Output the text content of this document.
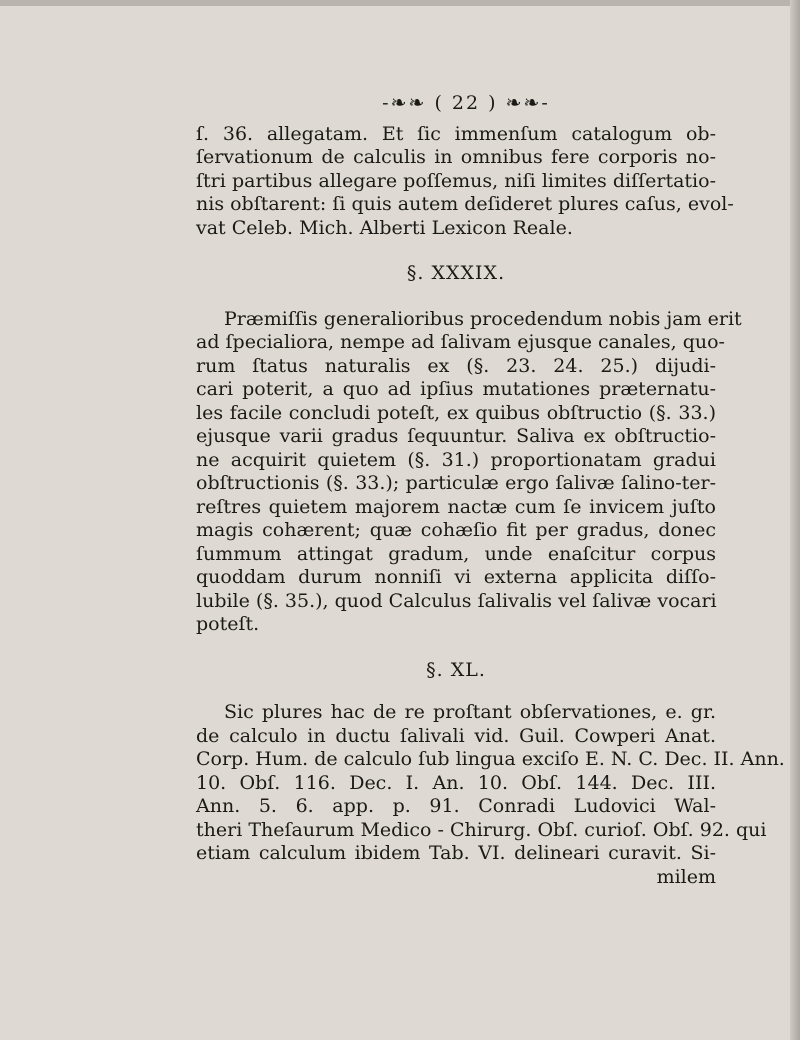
-❧❧ ( 22 ) ❧❧-
ſ. 36. allegatam. Et ſic immenſum catalogum ob-
ſervationum de calculis in omnibus fere corporis no-
ſtri partibus allegare poſſemus, niſi limites diſſertatio-
nis obſtarent: ſi quis autem deſideret plures caſus, evol-
vat Celeb. Mich. Alberti Lexicon Reale.
§. XXXIX.
Præmiſſis generalioribus procedendum nobis jam erit
ad ſpecialiora, nempe ad ſalivam ejusque canales, quo-
rum ſtatus naturalis ex (§. 23. 24. 25.) dijudi-
cari poterit, a quo ad ipſius mutationes præternatu-
les facile concludi poteſt, ex quibus obſtructio (§. 33.)
ejusque varii gradus ſequuntur. Saliva ex obſtructio-
ne acquirit quietem (§. 31.) proportionatam gradui
obſtructionis (§. 33.); particulæ ergo ſalivæ ſalino-ter-
reſtres quietem majorem nactæ cum ſe invicem juſto
magis cohærent; quæ cohæſio fit per gradus, donec
ſummum attingat gradum, unde enaſcitur corpus
quoddam durum nonniſi vi externa applicita diſſo-
lubile (§. 35.), quod Calculus ſalivalis vel ſalivæ vocari
poteſt.
§. XL.
Sic plures hac de re proſtant obſervationes, e. gr.
de calculo in ductu ſalivali vid. Guil. Cowperi Anat.
Corp. Hum. de calculo ſub lingua exciſo E. N. C. Dec. II. Ann.
10. Obſ. 116. Dec. I. An. 10. Obſ. 144. Dec. III.
Ann. 5. 6. app. p. 91. Conradi Ludovici Wal-
theri Theſaurum Medico - Chirurg. Obſ. curioſ. Obſ. 92. qui
etiam calculum ibidem Tab. VI. delineari curavit. Si-
milem
